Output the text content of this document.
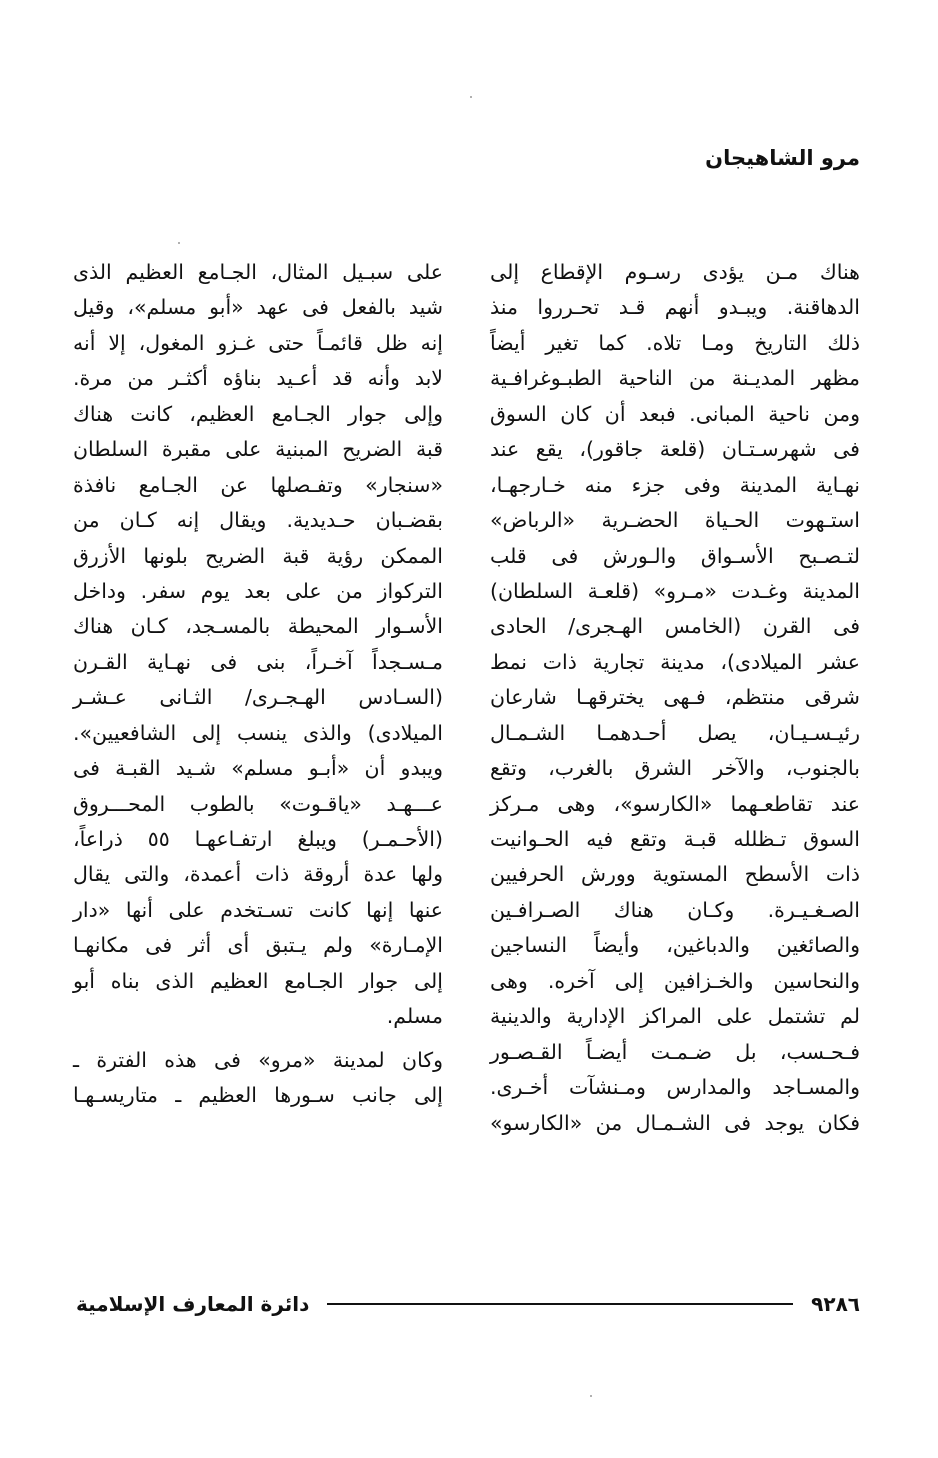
مرو الشاهيجان
هناك مـن يؤدى رسـوم الإقطاع إلى
الدهاقنة. ويبـدو أنهم قـد تحـرروا منذ
ذلك التاريخ ومـا تلاه. كما تغير أيضاً
مظهر المديـنة من الناحية الطبـوغرافـية
ومن ناحية المبانى. فبعد أن كان السوق
فى شهرسـتـان (قلعة جاقور)، يقع عند
نهـاية المدينة وفى جزء منه خـارجهـا،
استـهوت الحـياة الحضـرية «الرباض»
لتـصـبح الأسـواق والـورش فى قلب
المدينة وغـدت «مـرو» (قلعـة السلطان)
فى القرن (الخامس الهـجرى/ الحادى
عشر الميلادى)، مدينة تجارية ذات نمط
شرقى منتظم، فـهى يخترقهـا شارعان
رئيـسـيـان، يصل أحـدهمـا الشـمـال
بالجنوب، والآخر الشرق بالغرب، وتقع
عند تقاطعـهما «الكارسو»، وهى مـركز
السوق تـظلله قبـة وتقع فيه الحـوانيت
ذات الأسطح المستوية وورش الحرفيين
الصـغـيـرة. وكـان هناك الصـرافـين
والصائغين والدباغين، وأيضاً النساجين
والنحاسين والخـزافين إلى آخره. وهى
لم تشتمل على المراكز الإدارية والدينية
فـحـسب، بل ضـمـت أيضـاً القـصـور
والمسـاجد والمدارس ومـنشآت أخـرى.
فكان يوجد فى الشـمـال من «الكارسو»
على سبـيل المثال، الجـامع العظيم الذى
شيد بالفعل فى عهد «أبو مسلم»، وقيل
إنه ظل قائمـاً حتى غـزو المغول، إلا أنه
لابد وأنه قد أعـيد بناؤه أكثـر من مرة.
وإلى جوار الجـامع العظيم، كانت هناك
قبة الضريح المبنية على مقبرة السلطان
«سنجار» وتفـصلها عن الجـامع نافذة
بقضـبان حـديدية. ويقال إنه كـان من
الممكن رؤية قبة الضريح بلونها الأزرق
التركواز من على بعد يوم سفر. وداخل
الأسـوار المحيطة بالمسـجد، كـان هناك
مـسـجداً آخـراً، بنى فى نهـاية القـرن
(السـادس الهـجـرى/ الثـانى عـشـر
الميلادى) والذى ينسب إلى الشافعيين».
ويبدو أن «أبـو مسلم» شـيد القبـة فى
عـــهـد «ياقـوت» بالطوب المحـــروق
(الأحـمـر) ويبلغ ارتفـاعهـا ٥٥ ذراعاً،
ولها عدة أروقة ذات أعمدة، والتى يقال
عنها إنها كانت تسـتخدم على أنها «دار
الإمـارة» ولم يـتبق أى أثر فى مكانهـا
إلى جوار الجـامع العظيم الذى بناه أبو
مسلم.
وكان لمدينة «مرو» فى هذه الفترة ـ
إلى جانب سـورها العظيم ـ متاريسـهـا
٩٢٨٦
دائرة المعارف الإسلامية
